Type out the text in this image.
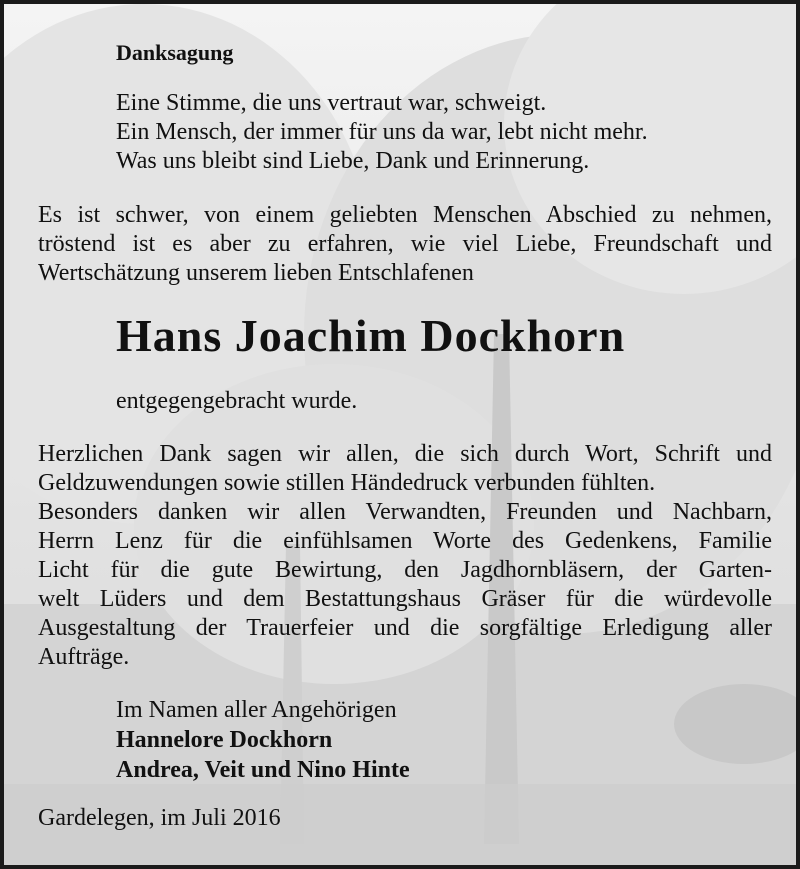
Danksagung
Eine Stimme, die uns vertraut war, schweigt.
Ein Mensch, der immer für uns da war, lebt nicht mehr.
Was uns bleibt sind Liebe, Dank und Erinnerung.
Es ist schwer, von einem geliebten Menschen Abschied zu nehmen,
tröstend ist es aber zu erfahren, wie viel Liebe, Freundschaft und
Wertschätzung unserem lieben Entschlafenen
Hans Joachim Dockhorn
entgegengebracht wurde.
Herzlichen Dank sagen wir allen, die sich durch Wort, Schrift und
Geldzuwendungen sowie stillen Händedruck verbunden fühlten.
Besonders danken wir allen Verwandten, Freunden und Nachbarn,
Herrn Lenz für die einfühlsamen Worte des Gedenkens, Familie
Licht für die gute Bewirtung, den Jagdhornbläsern, der Garten-
welt Lüders und dem Bestattungshaus Gräser für die würdevolle
Ausgestaltung der Trauerfeier und die sorgfältige Erledigung aller
Aufträge.
Im Namen aller Angehörigen
Hannelore Dockhorn
Andrea, Veit und Nino Hinte
Gardelegen, im Juli 2016
